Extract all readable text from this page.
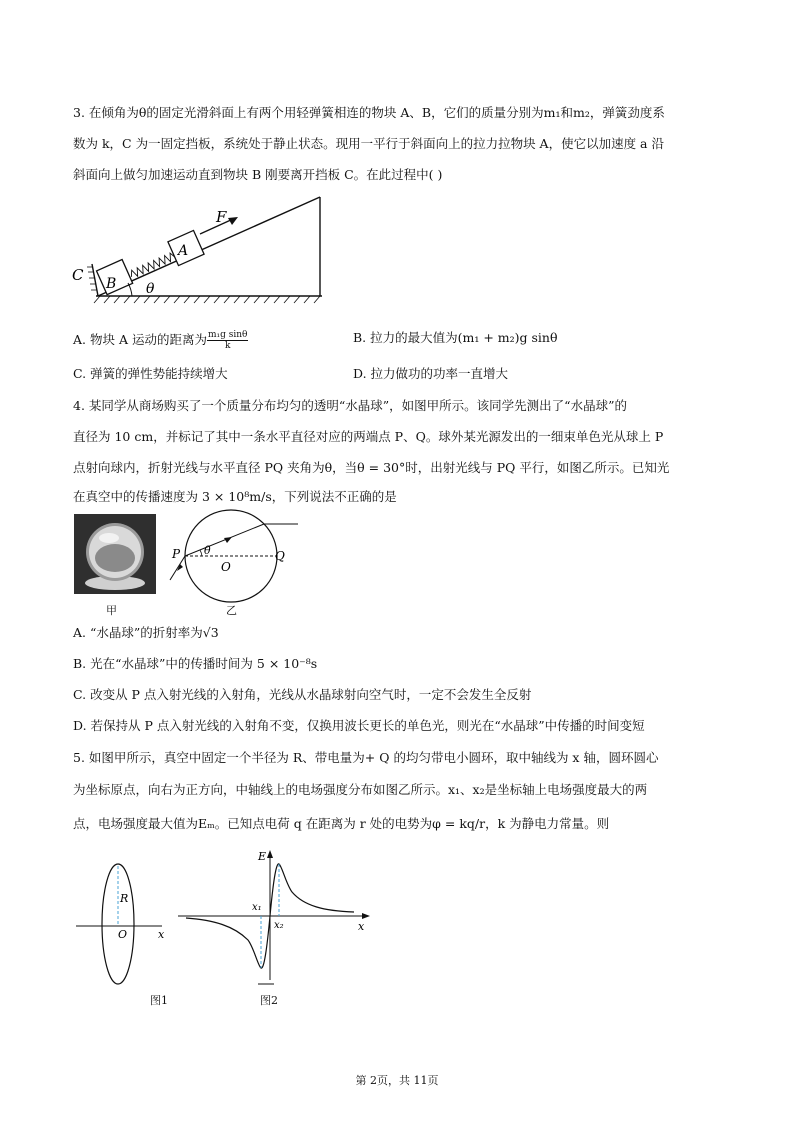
3. 在倾角为θ的固定光滑斜面上有两个用轻弹簧相连的物块 A、B，它们的质量分别为m₁和m₂，弹簧劲度系
数为 k，C 为一固定挡板，系统处于静止状态。现用一平行于斜面向上的拉力拉物块 A，使它以加速度 a 沿
斜面向上做匀加速运动直到物块 B 刚要离开挡板 C。在此过程中( )
C B
A
F
θ
A. 物块 A 运动的距离为 $\frac{\text{m₁g sinθ}}{k}$	B. 拉力的最大值为(m₁ + m₂)g sinθ
C. 弹簧的弹性势能持续增大	D. 拉力做功的功率一直增大
4. 某同学从商场购买了一个质量分布均匀的透明“水晶球”，如图甲所示。该同学先测出了“水晶球”的
直径为 10 cm，并标记了其中一条水平直径对应的两端点 P、Q。球外某光源发出的一细束单色光从球上 P
点射向球内，折射光线与水平直径 PQ 夹角为θ，当θ = 30°时，出射光线与 PQ 平行，如图乙所示。已知光
在真空中的传播速度为 3 × 10⁸m/s，下列说法不正确的是
甲
P	Q
O
θ
乙
A. “水晶球”的折射率为√3
B. 光在“水晶球”中的传播时间为 5 × 10⁻⁸s
C. 改变从 P 点入射光线的入射角，光线从水晶球射向空气时，一定不会发生全反射
D. 若保持从 P 点入射光线的入射角不变，仅换用波长更长的单色光，则光在“水晶球”中传播的时间变短
5. 如图甲所示，真空中固定一个半径为 R、带电量为+ Q 的均匀带电小圆环，取中轴线为 x 轴，圆环圆心
为坐标原点，向右为正方向，中轴线上的电场强度分布如图乙所示。x₁、x₂是坐标轴上电场强度最大的两
点，电场强度最大值为Eₘ。已知点电荷 q 在距离为 r 处的电势为φ = kq/r，k 为静电力常量。则
R
O	x
图1
E
x₁
x₂	x
图2
第 2页，共 11页
